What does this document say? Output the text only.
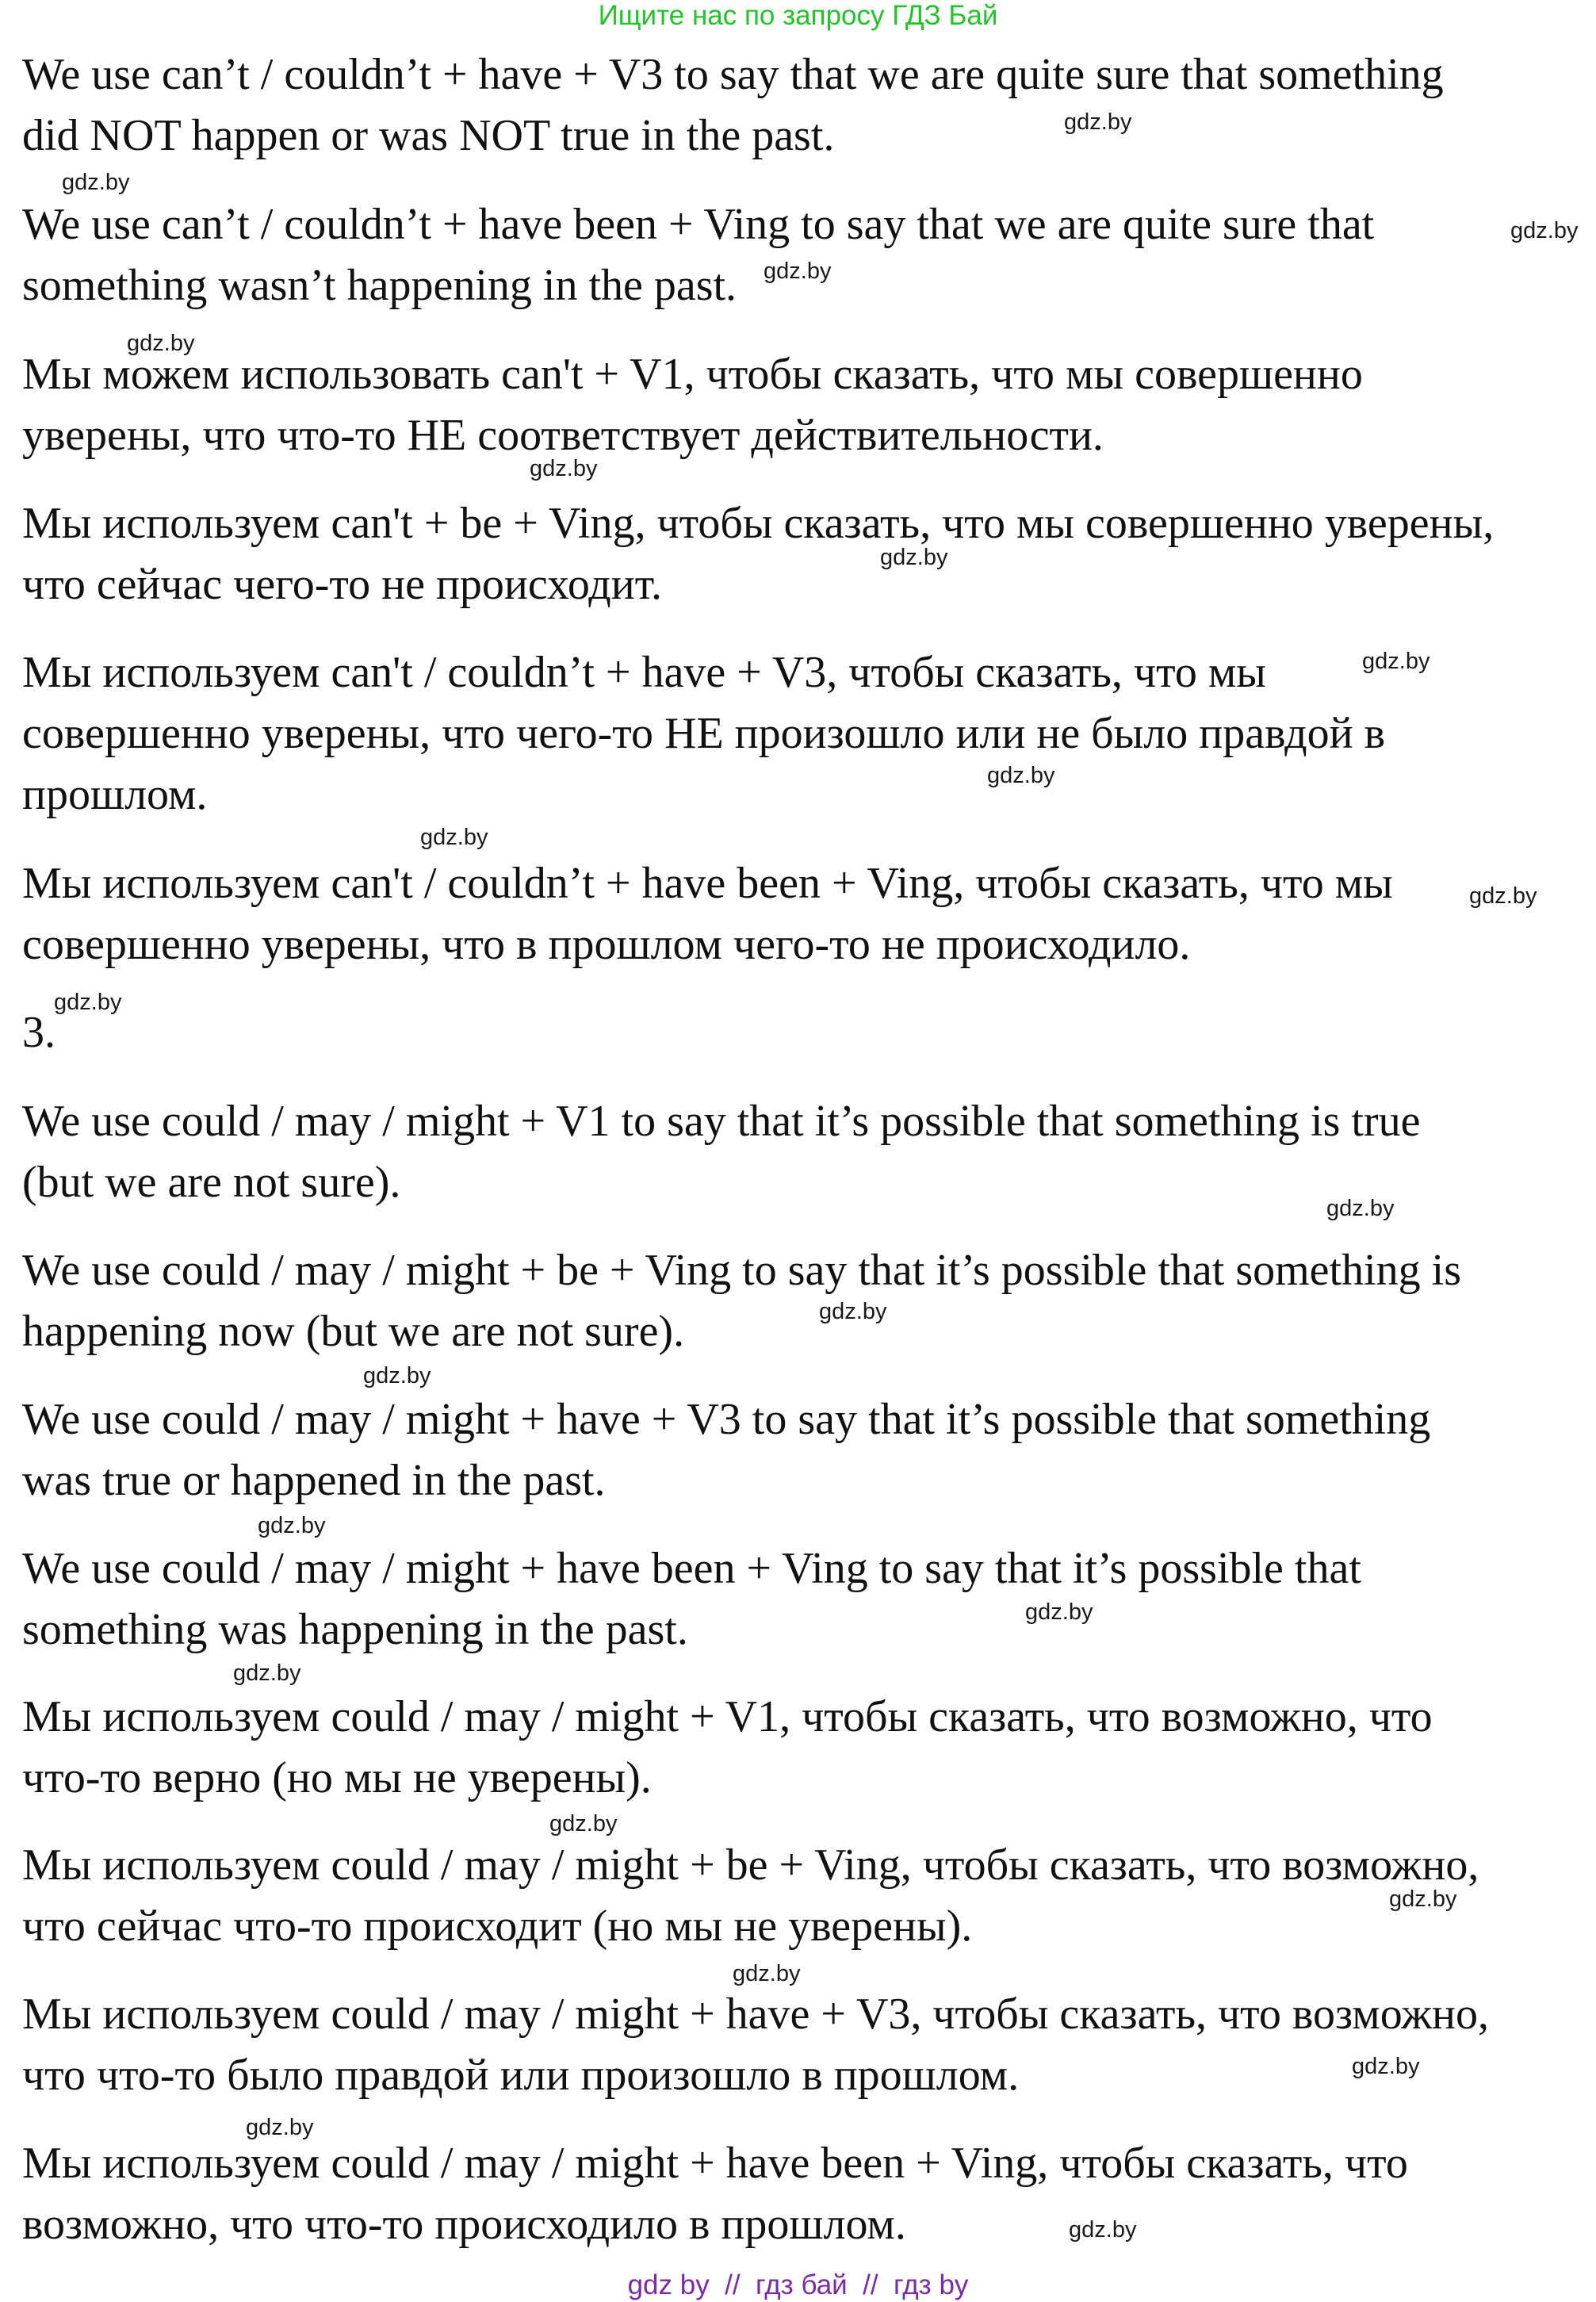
Ищите нас по запросу ГДЗ Бай

We use can’t / couldn’t + have + V3 to say that we are quite sure that something
did NOT happen or was NOT true in the past.

We use can’t / couldn’t + have been + Ving to say that we are quite sure that
something wasn’t happening in the past.

Мы можем использовать can't + V1, чтобы сказать, что мы совершенно
уверены, что что-то НЕ соответствует действительности.

Мы используем can't + be + Ving, чтобы сказать, что мы совершенно уверены,
что сейчас чего-то не происходит.

Мы используем can't / couldn’t + have + V3, чтобы сказать, что мы
совершенно уверены, что чего-то НЕ произошло или не было правдой в
прошлом.

Мы используем can't / couldn’t + have been + Ving, чтобы сказать, что мы
совершенно уверены, что в прошлом чего-то не происходило.

3.

We use could / may / might + V1 to say that it’s possible that something is true
(but we are not sure).

We use could / may / might + be + Ving to say that it’s possible that something is
happening now (but we are not sure).

We use could / may / might + have + V3 to say that it’s possible that something
was true or happened in the past.

We use could / may / might + have been + Ving to say that it’s possible that
something was happening in the past.

Мы используем could / may / might + V1, чтобы сказать, что возможно, что
что-то верно (но мы не уверены).

Мы используем could / may / might + be + Ving, чтобы сказать, что возможно,
что сейчас что-то происходит (но мы не уверены).

Мы используем could / may / might + have + V3, чтобы сказать, что возможно,
что что-то было правдой или произошло в прошлом.

Мы используем could / may / might + have been + Ving, чтобы сказать, что
возможно, что что-то происходило в прошлом.

gdz.by
gdz.by
gdz.by
gdz.by
gdz.by
gdz.by
gdz.by
gdz.by
gdz.by
gdz.by
gdz.by
gdz.by
gdz.by
gdz.by
gdz.by
gdz.by
gdz.by
gdz.by
gdz.by
gdz.by
gdz.by
gdz.by
gdz.by
gdz.by
gdz by  //  гдз бай  //  гдз by
